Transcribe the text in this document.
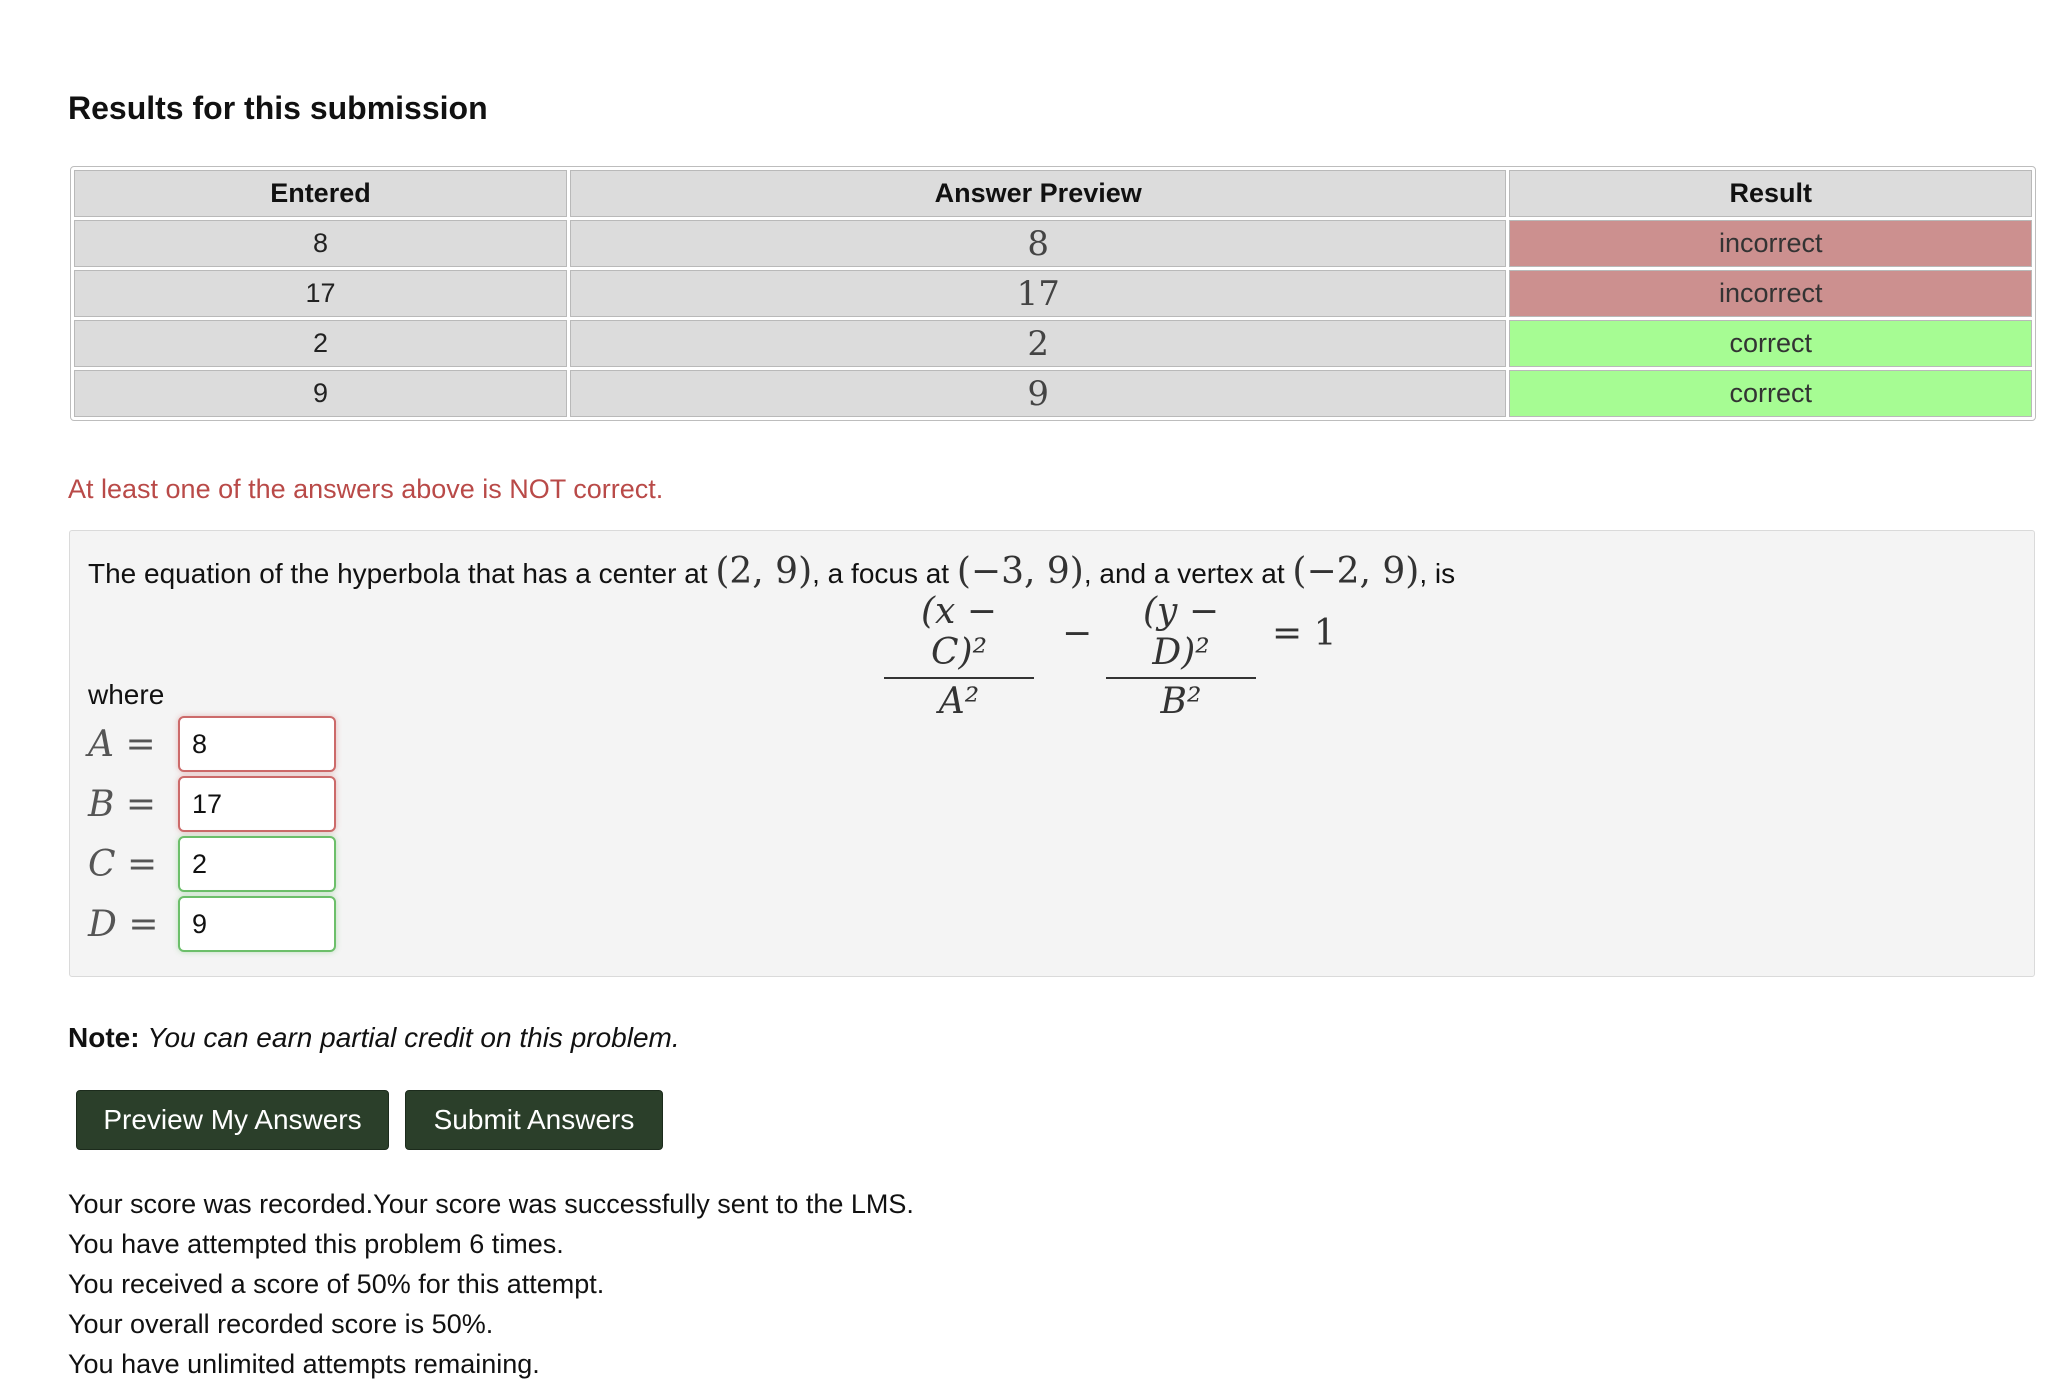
Results for this submission
Entered	Answer Preview	Result
8	8	incorrect
17	17	incorrect
2	2	correct
9	9	correct
At least one of the answers above is NOT correct.
The equation of the hyperbola that has a center at (2, 9), a focus at (−3, 9), and a vertex at (−2, 9), is
$\frac{\text{(x − C)²}}{\text{A²}} - \frac{\text{(y − D)²}}{\text{B²}} = 1$
where
A =	8
B =	17
C =	2
D =	9
Note: You can earn partial credit on this problem.
Preview My Answers	Submit Answers
Your score was recorded.Your score was successfully sent to the LMS.
You have attempted this problem 6 times.
You received a score of 50% for this attempt.
Your overall recorded score is 50%.
You have unlimited attempts remaining.
